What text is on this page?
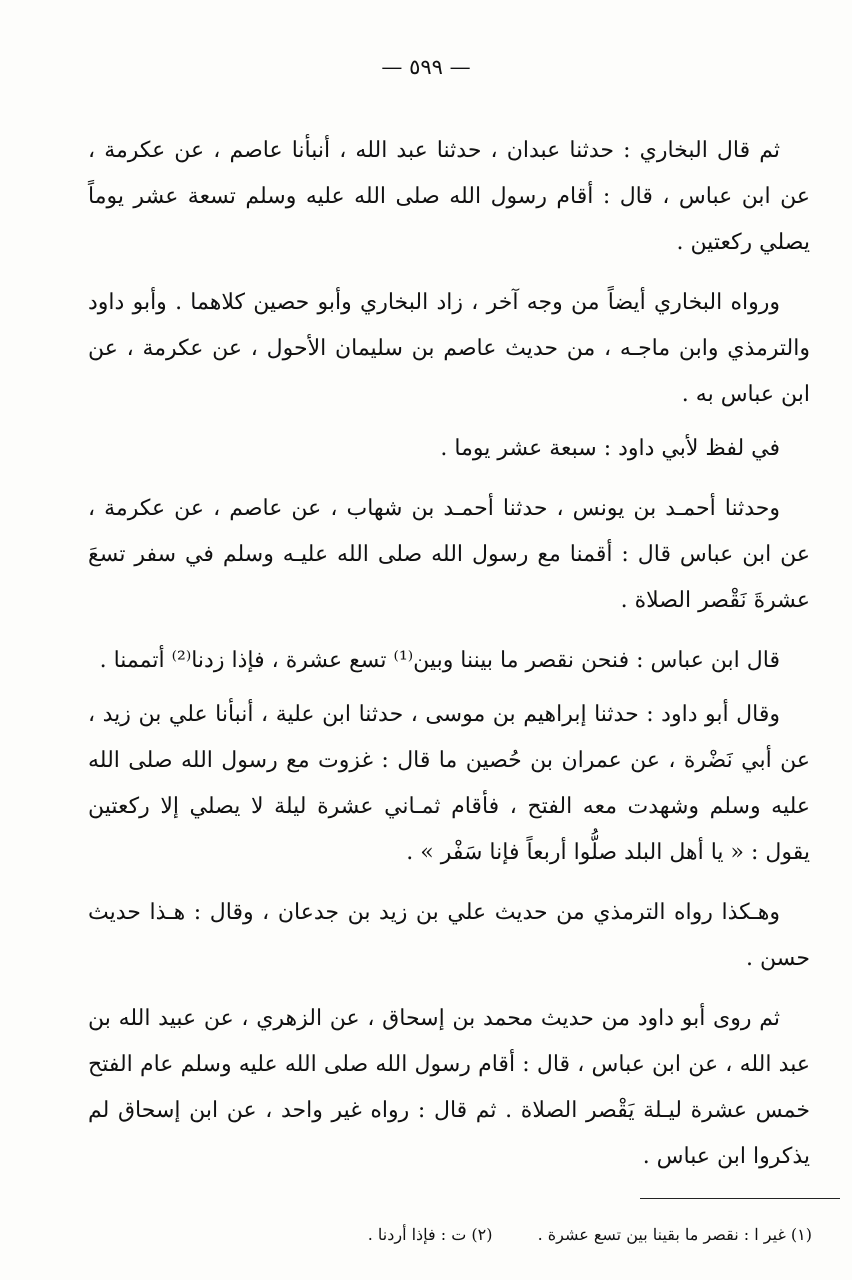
— ٥٩٩ —

ثم قال البخاري : حدثنا عبدان ، حدثنا عبد الله ، أنبأنا عاصم ، عن عكرمة ، عن ابن عباس ، قال : أقام رسول الله صلى الله عليه وسلم تسعة عشر يوماً يصلي ركعتين .

ورواه البخاري أيضاً من وجه آخر ، زاد البخاري وأبو حصين كلاهما . وأبو داود والترمذي وابن ماجـه ، من حديث عاصم بن سليمان الأحول ، عن عكرمة ، عن ابن عباس به .

في لفظ لأبي داود : سبعة عشر يوما .

وحدثنا أحمـد بن يونس ، حدثنا أحمـد بن شهاب ، عن عاصم ، عن عكرمة ، عن ابن عباس قال : أقمنا مع رسول الله صلى الله عليـه وسلم في سفر تسعَ عشرةَ نَقْصر الصلاة .

قال ابن عباس : فنحن نقصر ما بيننا وبين⁽¹⁾ تسع عشرة ، فإذا زدنا⁽²⁾ أتممنا .

وقال أبو داود : حدثنا إبراهيم بن موسى ، حدثنا ابن علية ، أنبأنا علي بن زيد ، عن أبي نَضْرة ، عن عمران بن حُصين ما قال : غزوت مع رسول الله صلى الله عليه وسلم وشهدت معه الفتح ، فأقام ثمـاني عشرة ليلة لا يصلي إلا ركعتين يقول : « يا أهل البلد صلُّوا أربعاً فإنا سَفْر » .

وهـكذا رواه الترمذي من حديث علي بن زيد بن جدعان ، وقال : هـذا حديث حسن .

ثم روى أبو داود من حديث محمد بن إسحاق ، عن الزهري ، عن عبيد الله بن عبد الله ، عن ابن عباس ، قال : أقام رسول الله صلى الله عليه وسلم عام الفتح خمس عشرة ليـلة يَقْصر الصلاة . ثم قال : رواه غير واحد ، عن ابن إسحاق لم يذكروا ابن عباس .

(١) غير ا : نقصر ما بقينا بين تسع عشرة . (٢) ت : فإذا أردنا .
